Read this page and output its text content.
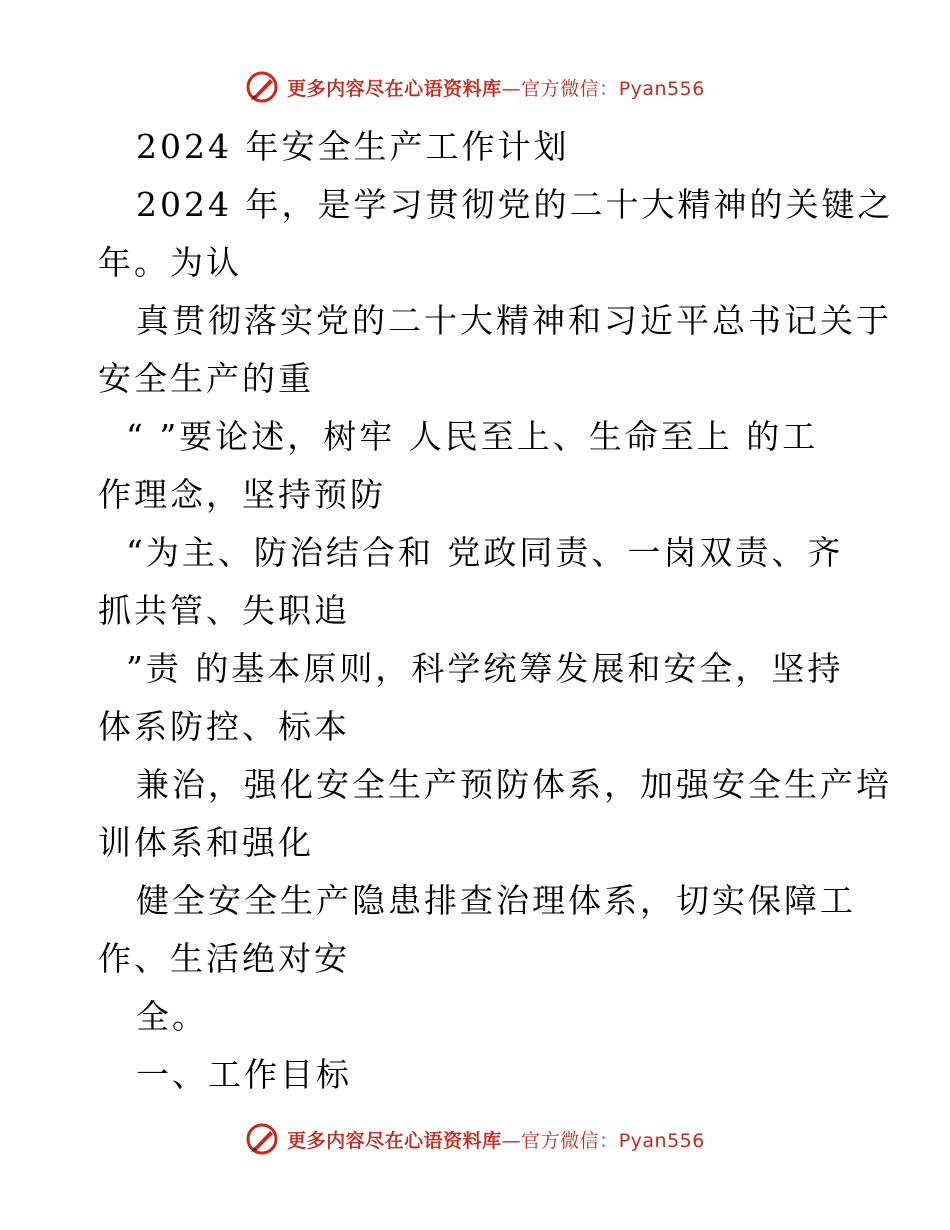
更多内容尽在心语资料库—官方微信：Pyan556
2024 年安全生产工作计划
2024 年，是学习贯彻党的二十大精神的关键之
年。为认
真贯彻落实党的二十大精神和习近平总书记关于
安全生产的重
“ ”要论述，树牢 人民至上、生命至上 的工
作理念，坚持预防
“为主、防治结合和 党政同责、一岗双责、齐
抓共管、失职追
”责 的基本原则，科学统筹发展和安全，坚持
体系防控、标本
兼治，强化安全生产预防体系，加强安全生产培
训体系和强化
健全安全生产隐患排查治理体系，切实保障工
作、生活绝对安
全。
一、工作目标
更多内容尽在心语资料库—官方微信：Pyan556
